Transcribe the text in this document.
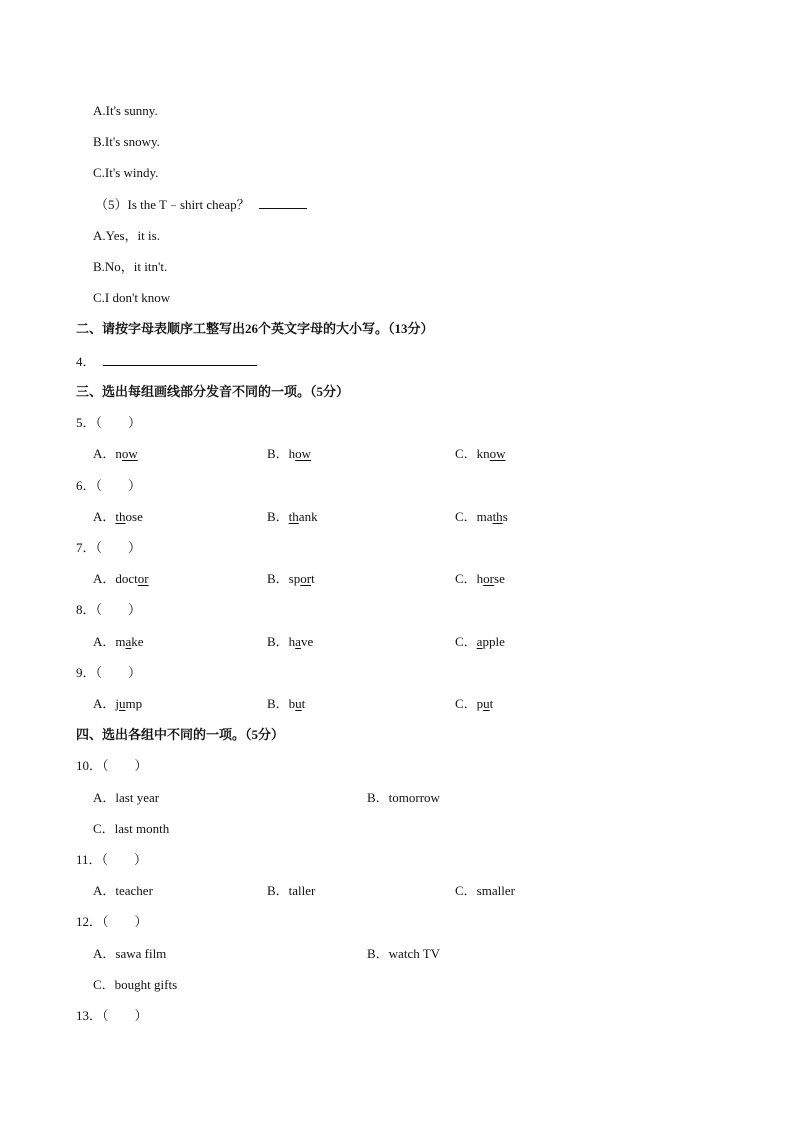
A.It's sunny.
B.It's snowy.
C.It's windy.
（5）Is the T﹣shirt cheap？
A.Yes，it is.
B.No，it itn't.
C.I don't know
二、请按字母表顺序工整写出26个英文字母的大小写。（13分）
4．
三、选出每组画线部分发音不同的一项。（5分）
5．（　　）
A．now	B．how	C．know
6．（　　）
A．those	B．thank	C．maths
7．（　　）
A．doctor	B．sport	C．horse
8．（　　）
A．make	B．have	C．apple
9．（　　）
A．jump	B．but	C．put
四、选出各组中不同的一项。（5分）
10．（　　）
A．last year	B．tomorrow
C．last month
11．（　　）
A．teacher	B．taller	C．smaller
12．（　　）
A．sawa film	B．watch TV
C．bought gifts
13．（　　）
